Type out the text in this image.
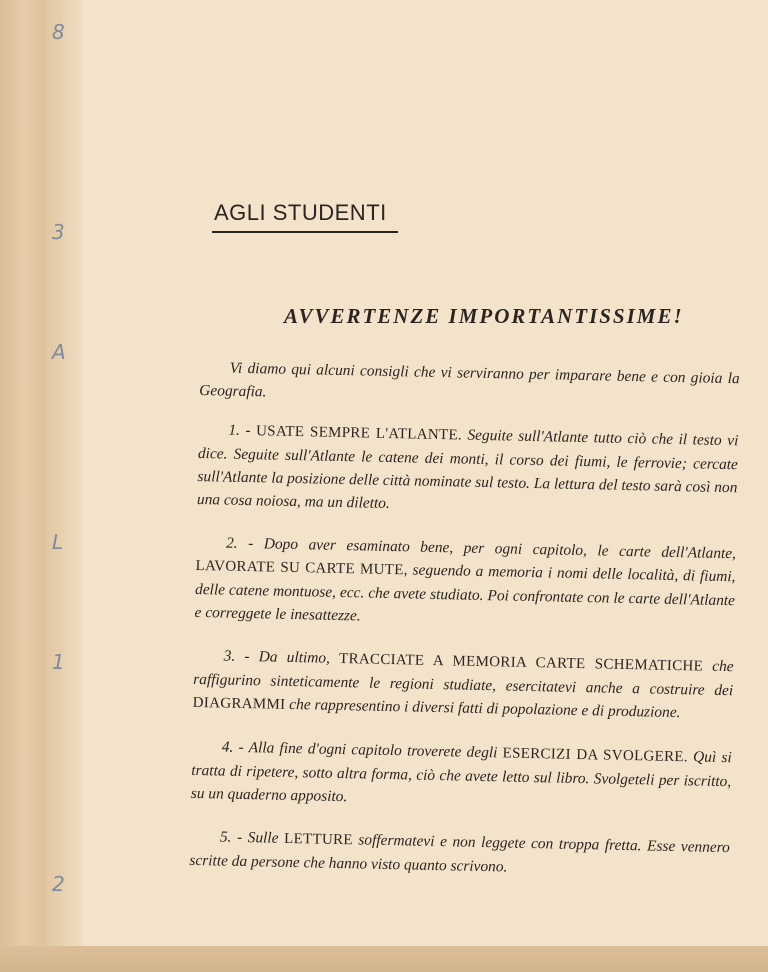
8
3
A
L
1
2
AGLI STUDENTI
AVVERTENZE IMPORTANTISSIME!

Vi diamo qui alcuni consigli che vi serviranno per imparare bene e con gioia la Geografia.

1. - USATE SEMPRE L'ATLANTE. Seguite sull'Atlante tutto ciò che il testo vi dice. Seguite sull'Atlante le catene dei monti, il corso dei fiumi, le ferrovie; cercate sull'Atlante la posizione delle città nominate sul testo. La lettura del testo sarà così non una cosa noiosa, ma un diletto.

2. - Dopo aver esaminato bene, per ogni capitolo, le carte dell'Atlante, LAVORATE SU CARTE MUTE, seguendo a memoria i nomi delle località, di fiumi, delle catene montuose, ecc. che avete studiato. Poi confrontate con le carte dell'Atlante e correggete le inesattezze.

3. - Da ultimo, TRACCIATE A MEMORIA CARTE SCHEMATICHE che raffigurino sinteticamente le regioni studiate, esercitatevi anche a costruire dei DIAGRAMMI che rappresentino i diversi fatti di popolazione e di produzione.

4. - Alla fine d'ogni capitolo troverete degli ESERCIZI DA SVOLGERE. Quì si tratta di ripetere, sotto altra forma, ciò che avete letto sul libro. Svolgeteli per iscritto, su un quaderno apposito.

5. - Sulle LETTURE soffermatevi e non leggete con troppa fretta. Esse vennero scritte da persone che hanno visto quanto scrivono.
